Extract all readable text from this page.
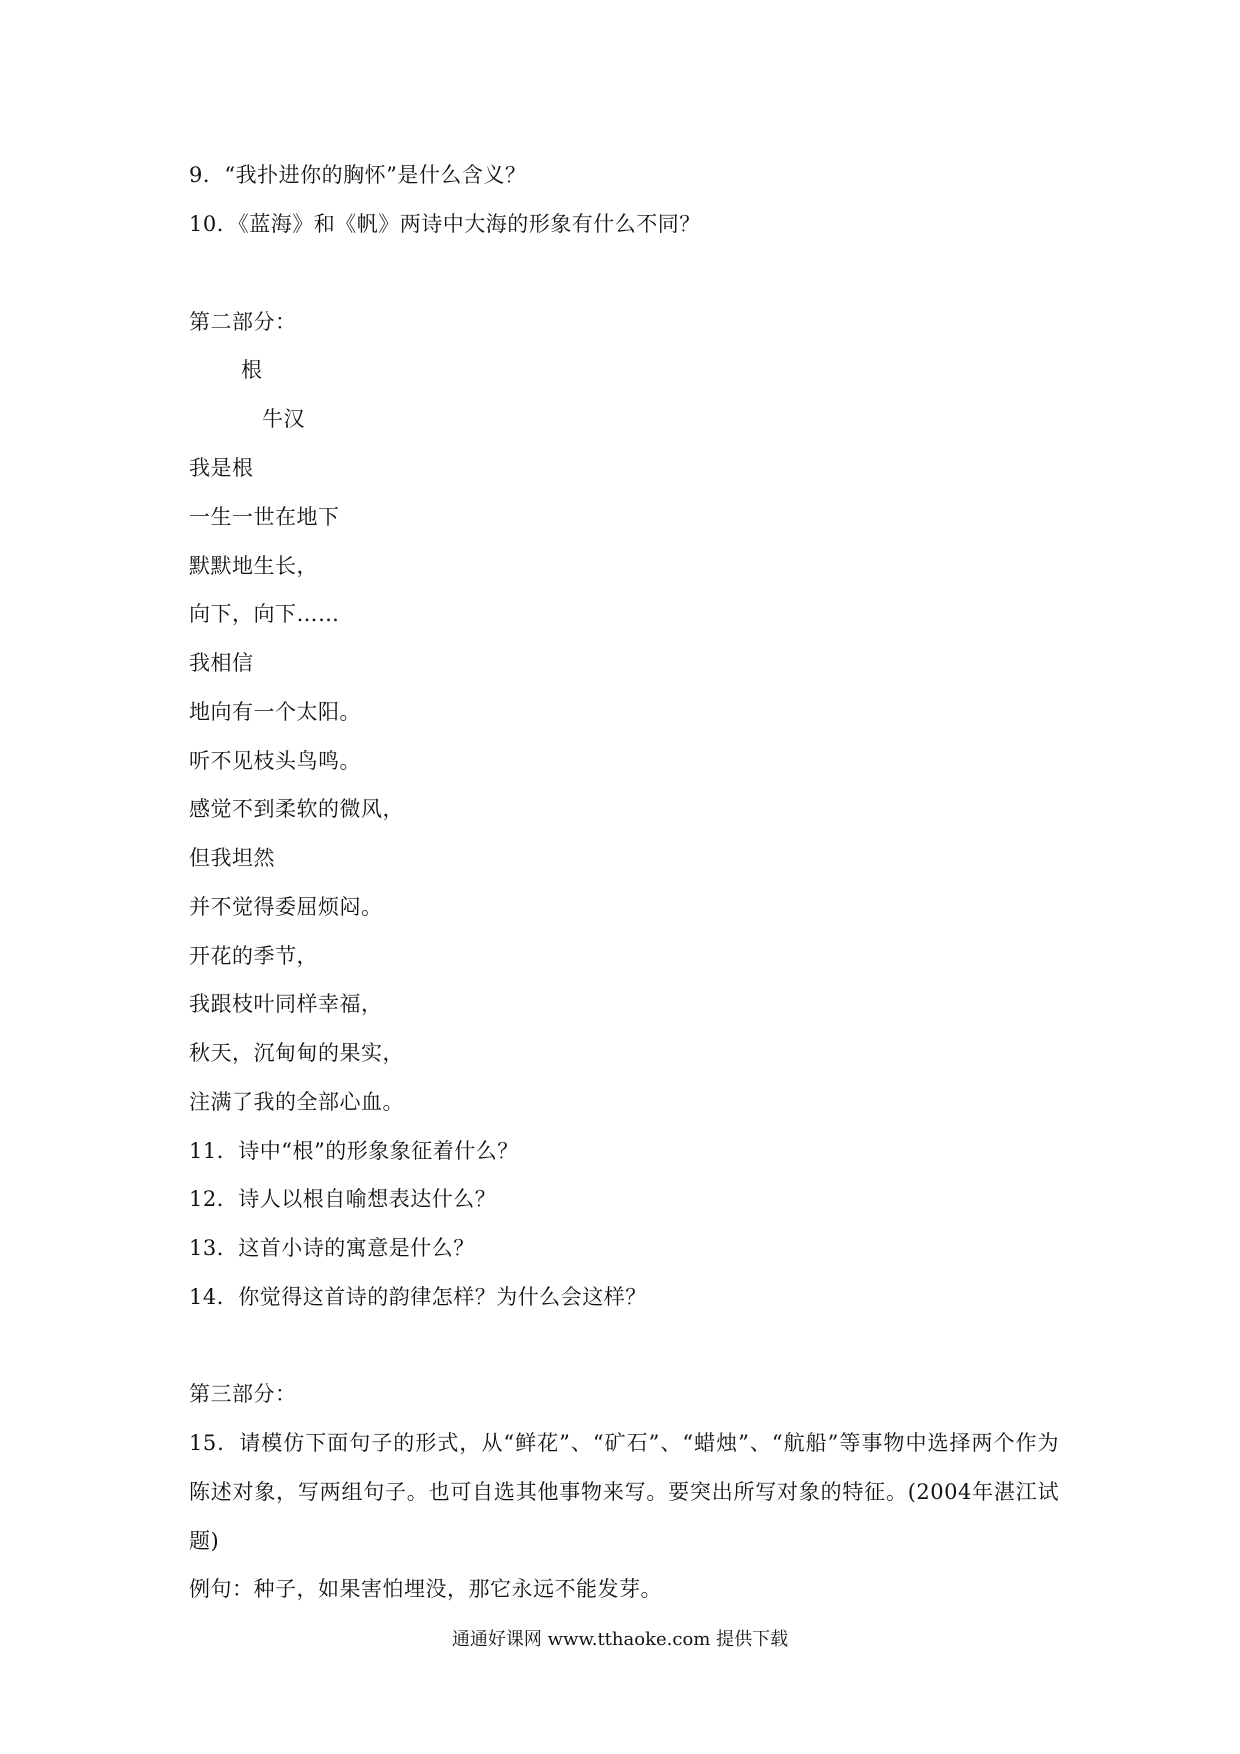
9．“我扑进你的胸怀”是什么含义？
10．《蓝海》和《帆》两诗中大海的形象有什么不同？
第二部分：
根
牛汉
我是根
一生一世在地下
默默地生长，
向下，向下……
我相信
地向有一个太阳。
听不见枝头鸟鸣。
感觉不到柔软的微风，
但我坦然
并不觉得委屈烦闷。
开花的季节，
我跟枝叶同样幸福，
秋天，沉甸甸的果实，
注满了我的全部心血。
11．诗中“根”的形象象征着什么？
12．诗人以根自喻想表达什么？
13．这首小诗的寓意是什么？
14．你觉得这首诗的韵律怎样？为什么会这样？
第三部分：
15．请模仿下面句子的形式，从“鲜花”、“矿石”、“蜡烛”、“航船”等事物中选择两个作为陈述对象，写两组句子。也可自选其他事物来写。要突出所写对象的特征。(2004年湛江试题)
例句：种子，如果害怕埋没，那它永远不能发芽。
通通好课网 www.tthaoke.com 提供下载
